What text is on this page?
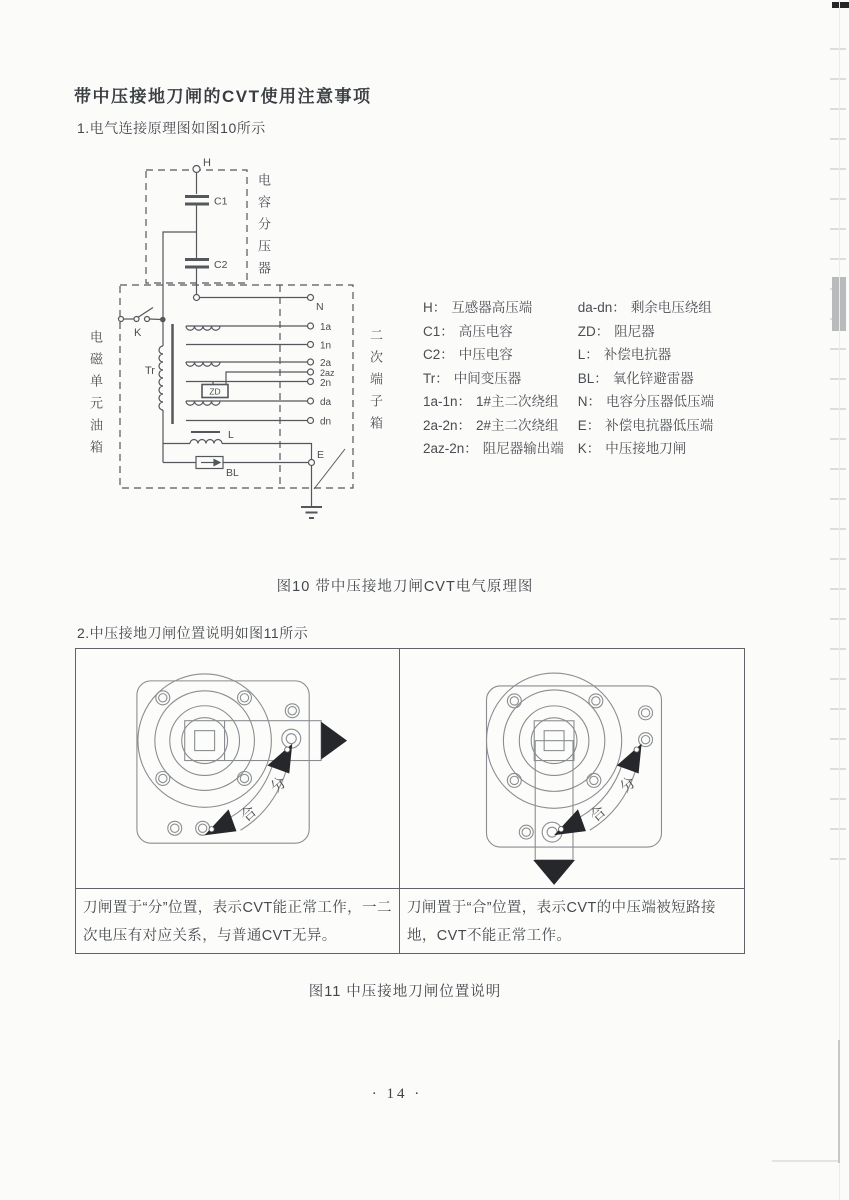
带中压接地刀闸的CVT使用注意事项
1.电气连接原理图如图10所示
H
C1
C2
K
Tr
ZD
L
BL
N
E
1a
1n
2a
2az
2n
da
dn
电容分压器
电磁单元油箱	二次端子箱
H： 互感器高压端
C1： 高压电容
C2： 中压电容
Tr： 中间变压器
1a-1n： 1#主二次绕组
2a-2n： 2#主二次绕组
2az-2n： 阻尼器输出端
da-dn： 剩余电压绕组
ZD： 阻尼器
L： 补偿电抗器
BL： 氧化锌避雷器
N： 电容分压器低压端
E： 补偿电抗器低压端
K： 中压接地刀闸
图10 带中压接地刀闸CVT电气原理图
2.中压接地刀闸位置说明如图11所示
分
合
分
合
刀闸置于“分”位置，表示CVT能正常工作，一二次电压有对应关系，与普通CVT无异。
刀闸置于“合”位置，表示CVT的中压端被短路接地，CVT不能正常工作。
图11 中压接地刀闸位置说明
· 14 ·
